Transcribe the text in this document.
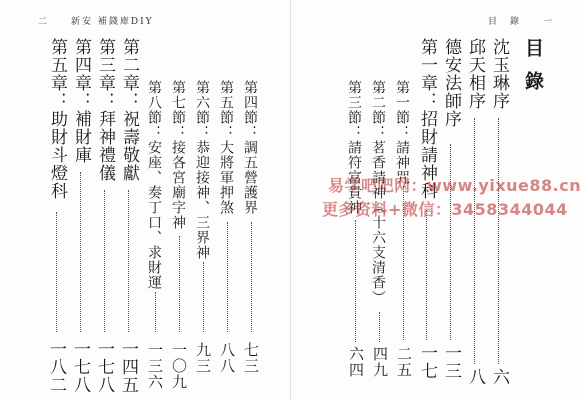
二　　新安 補錢庫DIY
第二章：祝壽敬獻
第三章：拜神禮儀
第四章：補財庫
第五章：助財斗燈科	第四節：調五營護界
第五節：大將軍押煞
第六節：恭迎接神、三界神
第七節：接各宮廟字神
第八節：安座、奏丁口、求財運
七三
八八
九三
一〇九
一三六
一四五
一七八
一七八
一八二
目　錄　　一
目錄
沈玉琳序
邱天相序
德安法師序
第一章：招財請神科
第一節：請神咒
第二節：茗香請神（十六支清香）
第三節：請符富貴神
六
八
一三
一七
二五
四九
六四
易学吧吧网：www.yixue88.cn
更多资料+微信：3458344044
